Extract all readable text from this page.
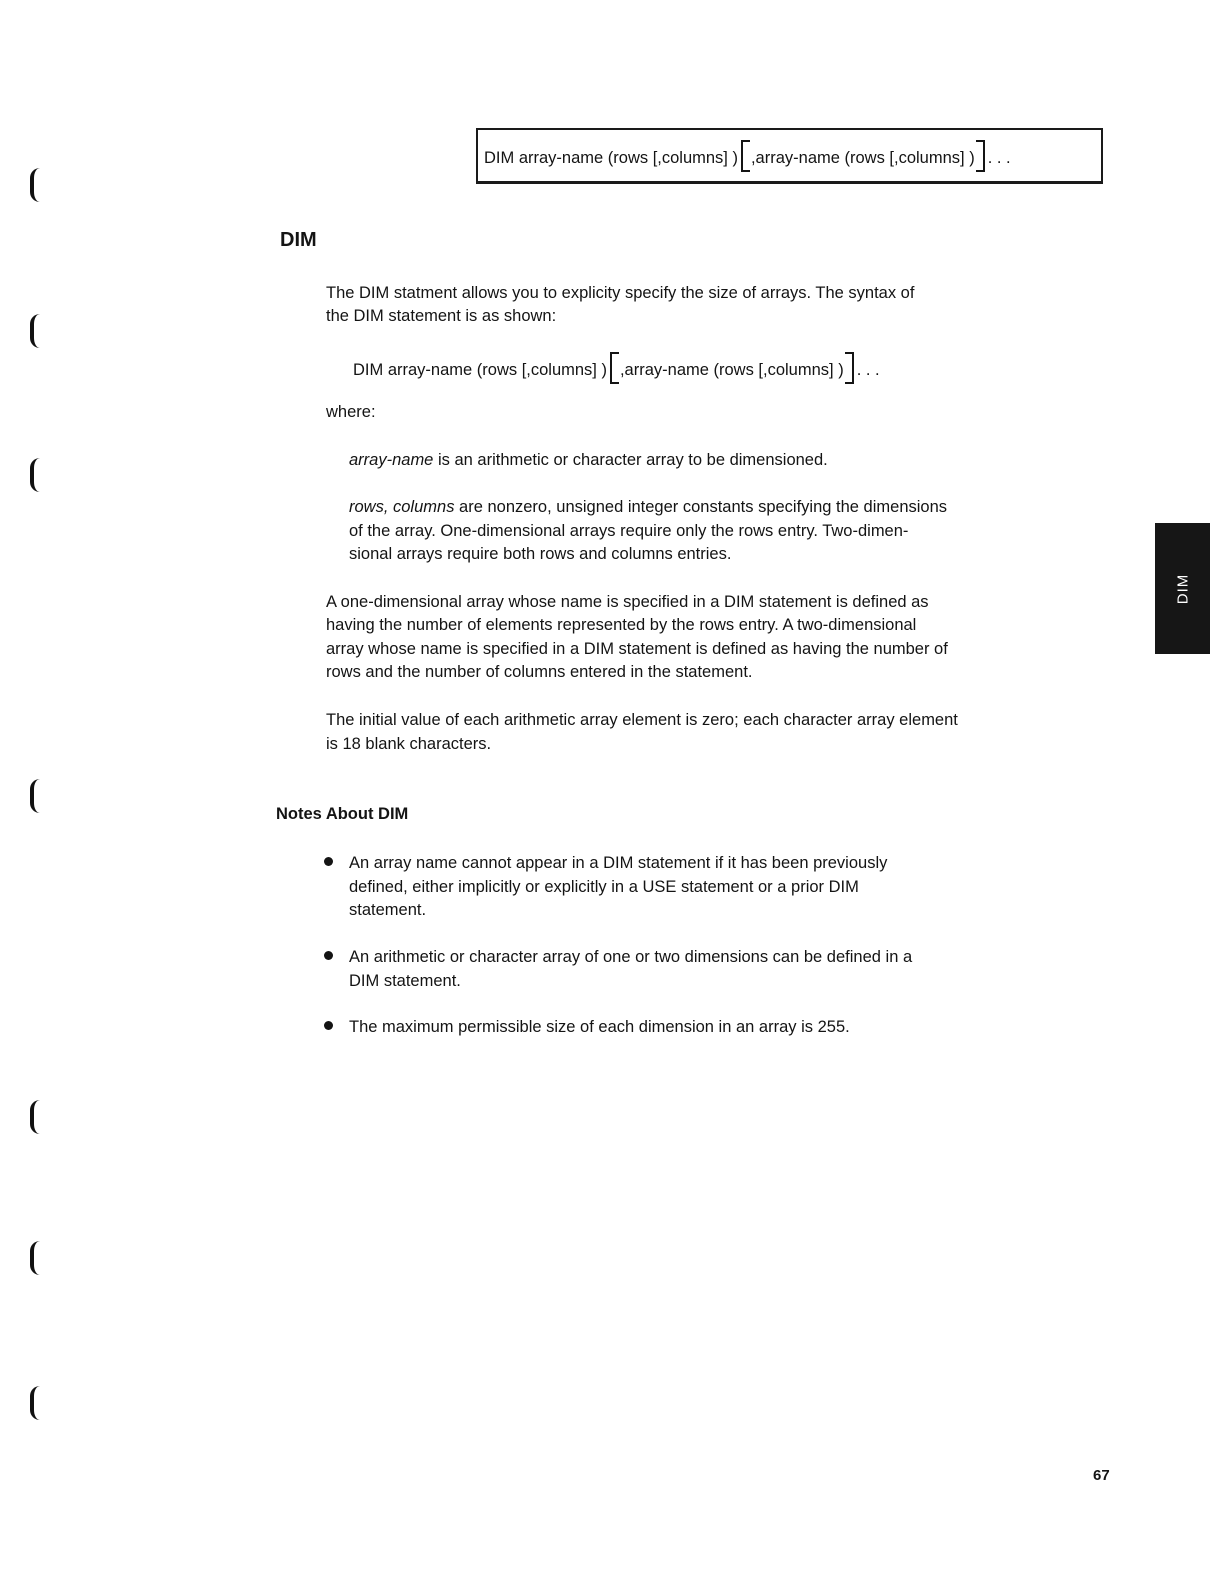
DIM array-name (rows [,columns] ) ,array-name (rows [,columns] ) . . .
DIM
The DIM statment allows you to explicity specify the size of arrays. The syntax of
the DIM statement is as shown:
DIM array-name (rows [,columns] ) ,array-name (rows [,columns] ) . . .
where:
array-name is an arithmetic or character array to be dimensioned.
rows, columns are nonzero, unsigned integer constants specifying the dimensions
of the array. One-dimensional arrays require only the rows entry. Two-dimen-
sional arrays require both rows and columns entries.
A one-dimensional array whose name is specified in a DIM statement is defined as
having the number of elements represented by the rows entry. A two-dimensional
array whose name is specified in a DIM statement is defined as having the number of
rows and the number of columns entered in the statement.
The initial value of each arithmetic array element is zero; each character array element
is 18 blank characters.
Notes About DIM
An array name cannot appear in a DIM statement if it has been previously
defined, either implicitly or explicitly in a USE statement or a prior DIM
statement.
An arithmetic or character array of one or two dimensions can be defined in a
DIM statement.
The maximum permissible size of each dimension in an array is 255.
DIM
67
